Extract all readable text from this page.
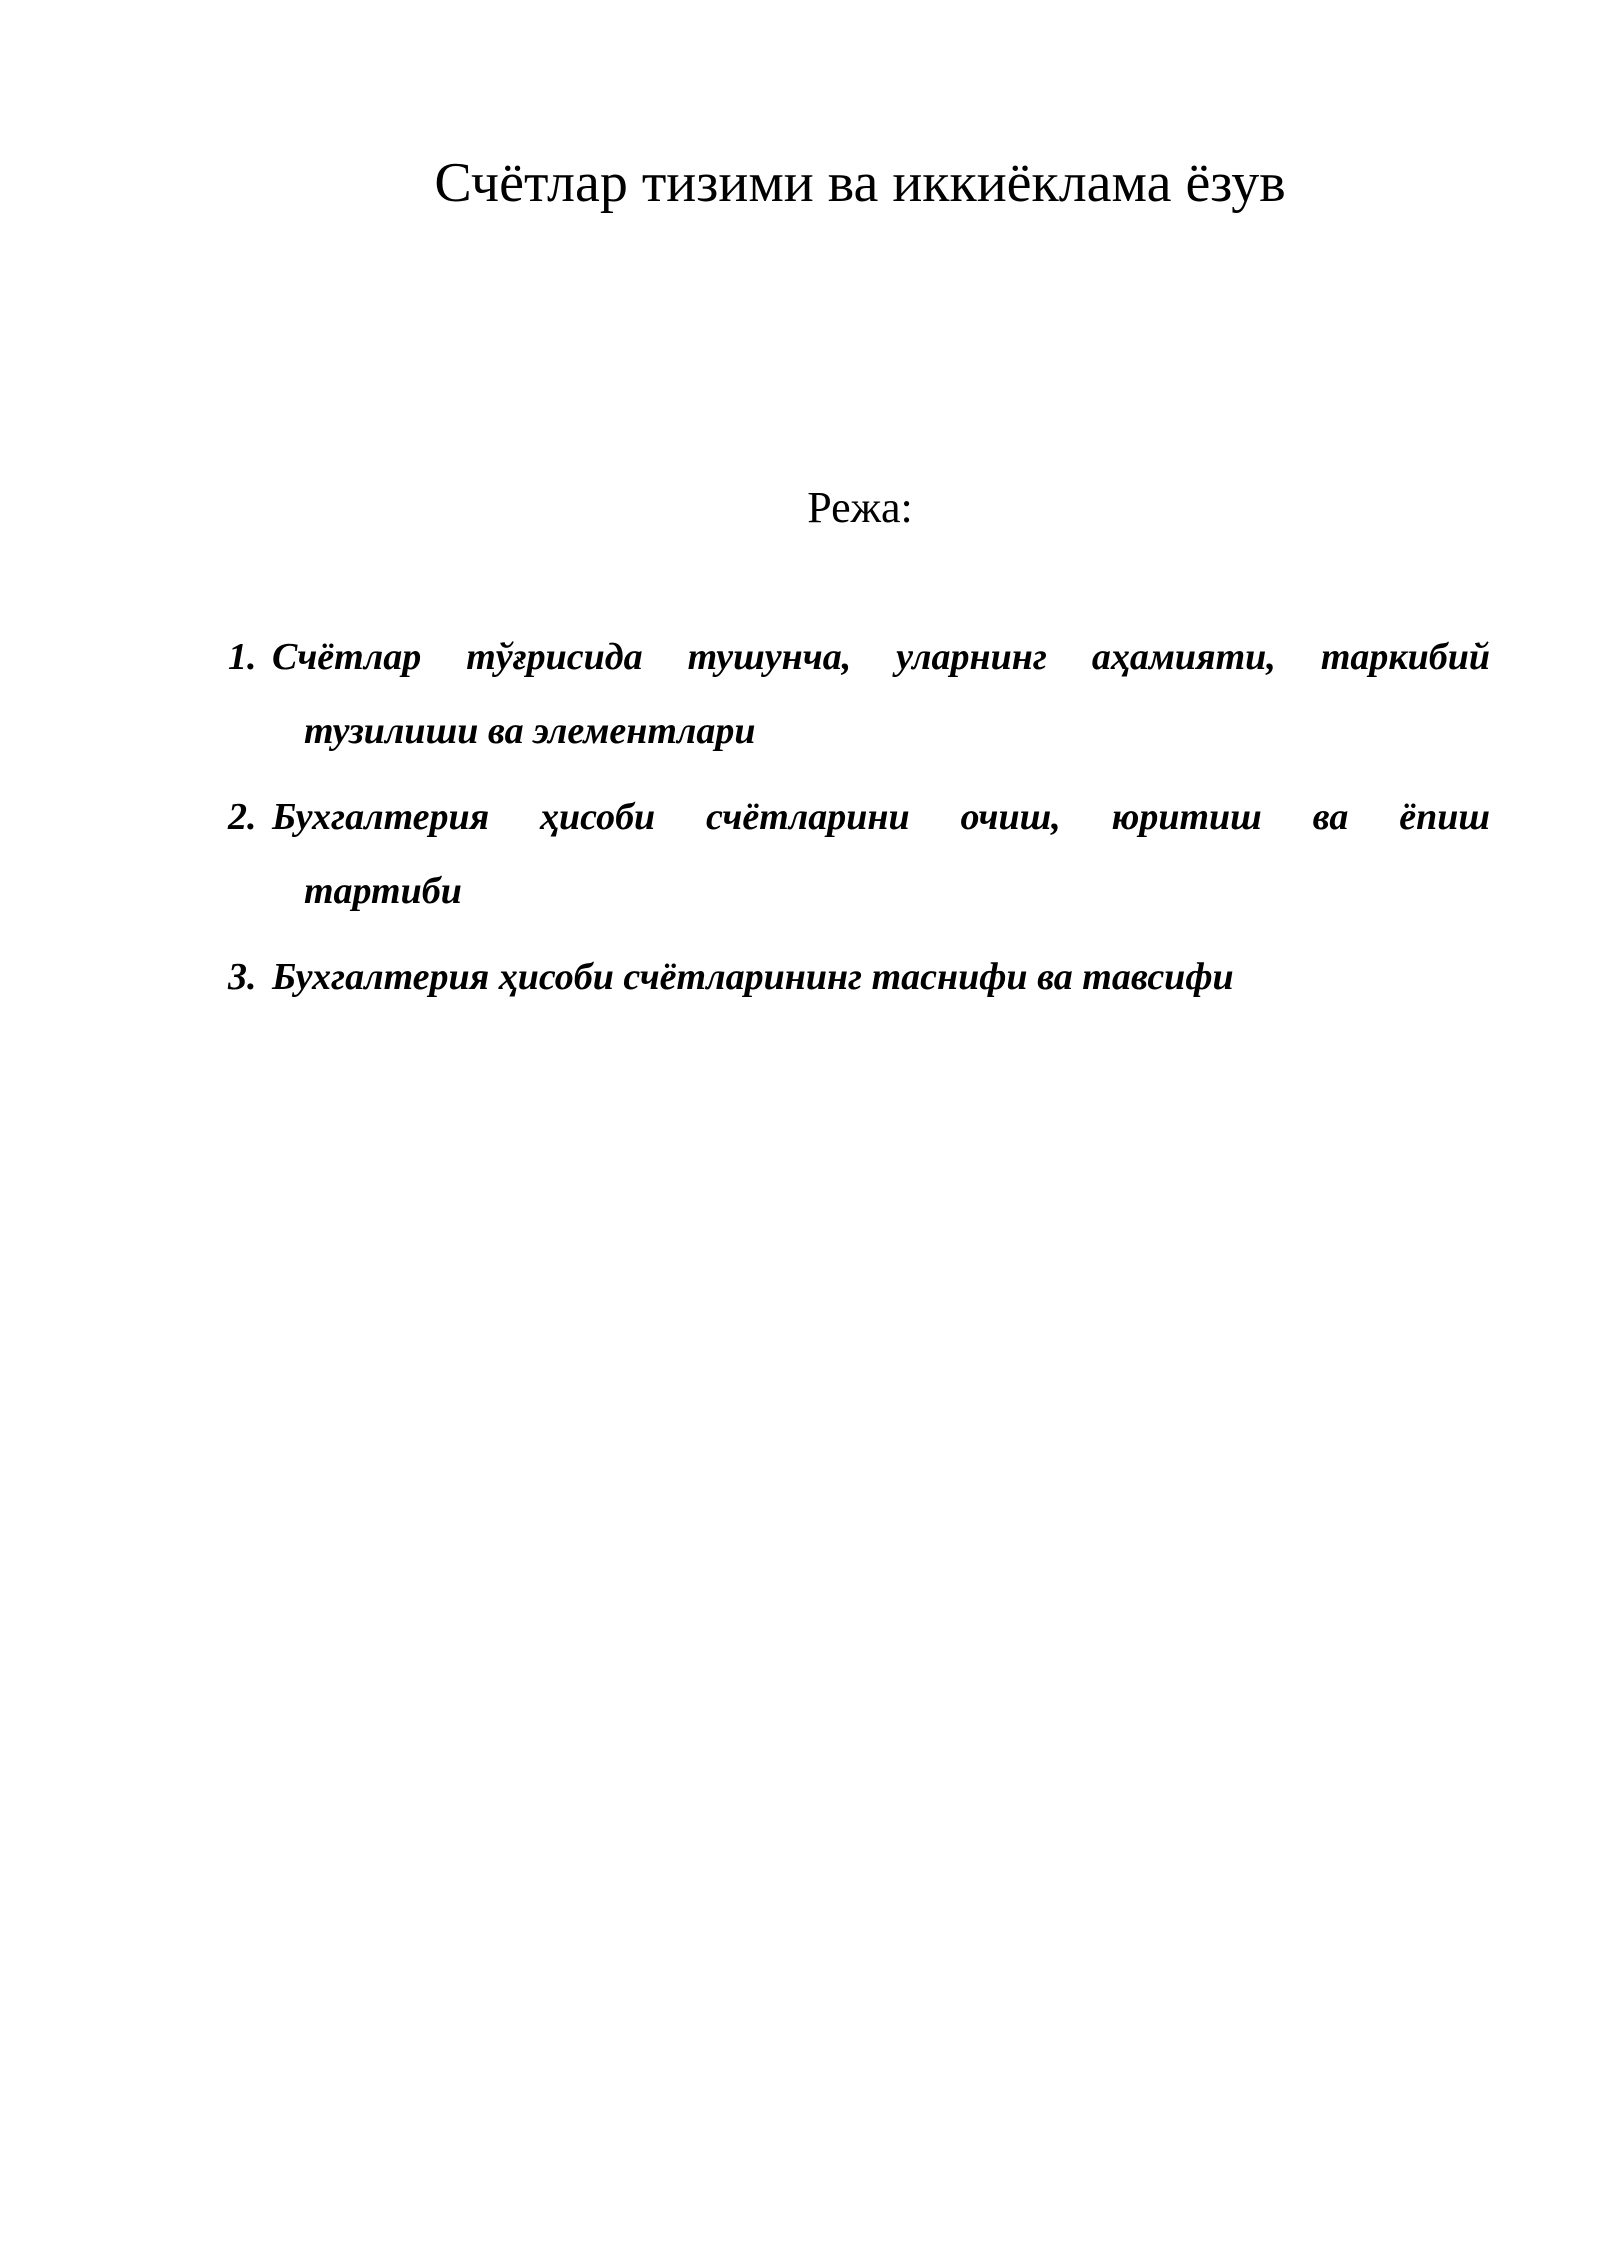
Счётлар тизими ва иккиёклама ёзув
Режа:
1. Счётлар тўғрисида тушунча, уларнинг аҳамияти, таркибий
тузилиши ва элементлари
2. Бухгалтерия ҳисоби счётларини очиш, юритиш ва ёпиш
тартиби
3. Бухгалтерия ҳисоби счётларининг таснифи ва тавсифи
